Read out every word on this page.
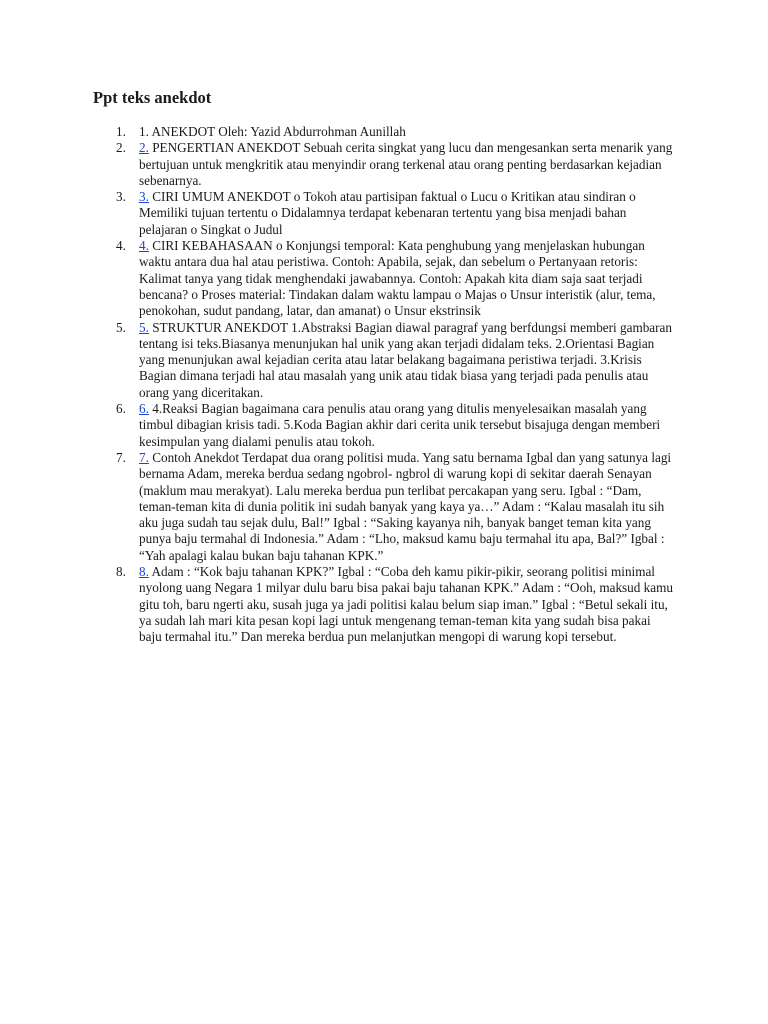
Ppt teks anekdot
1. 1. ANEKDOT Oleh: Yazid Abdurrohman Aunillah
2. 2. PENGERTIAN ANEKDOT Sebuah cerita singkat yang lucu dan mengesankan serta menarik yang bertujuan untuk mengkritik atau menyindir orang terkenal atau orang penting berdasarkan kejadian sebenarnya.
3. 3. CIRI UMUM ANEKDOT o Tokoh atau partisipan faktual o Lucu o Kritikan atau sindiran o Memiliki tujuan tertentu o Didalamnya terdapat kebenaran tertentu yang bisa menjadi bahan pelajaran o Singkat o Judul
4. 4. CIRI KEBAHASAAN o Konjungsi temporal: Kata penghubung yang menjelaskan hubungan waktu antara dua hal atau peristiwa. Contoh: Apabila, sejak, dan sebelum o Pertanyaan retoris: Kalimat tanya yang tidak menghendaki jawabannya. Contoh: Apakah kita diam saja saat terjadi bencana? o Proses material: Tindakan dalam waktu lampau o Majas o Unsur interistik (alur, tema, penokohan, sudut pandang, latar, dan amanat) o Unsur ekstrinsik
5. 5. STRUKTUR ANEKDOT 1.Abstraksi Bagian diawal paragraf yang berfdungsi memberi gambaran tentang isi teks.Biasanya menunjukan hal unik yang akan terjadi didalam teks. 2.Orientasi Bagian yang menunjukan awal kejadian cerita atau latar belakang bagaimana peristiwa terjadi. 3.Krisis Bagian dimana terjadi hal atau masalah yang unik atau tidak biasa yang terjadi pada penulis atau orang yang diceritakan.
6. 6. 4.Reaksi Bagian bagaimana cara penulis atau orang yang ditulis menyelesaikan masalah yang timbul dibagian krisis tadi. 5.Koda Bagian akhir dari cerita unik tersebut bisajuga dengan memberi kesimpulan yang dialami penulis atau tokoh.
7. 7. Contoh Anekdot Terdapat dua orang politisi muda. Yang satu bernama Igbal dan yang satunya lagi bernama Adam, mereka berdua sedang ngobrol- ngbrol di warung kopi di sekitar daerah Senayan (maklum mau merakyat). Lalu mereka berdua pun terlibat percakapan yang seru. Igbal : “Dam, teman-teman kita di dunia politik ini sudah banyak yang kaya ya…” Adam : “Kalau masalah itu sih aku juga sudah tau sejak dulu, Bal!” Igbal : “Saking kayanya nih, banyak banget teman kita yang punya baju termahal di Indonesia.” Adam : “Lho, maksud kamu baju termahal itu apa, Bal?” Igbal : “Yah apalagi kalau bukan baju tahanan KPK.”
8. 8. Adam : “Kok baju tahanan KPK?” Igbal : “Coba deh kamu pikir-pikir, seorang politisi minimal nyolong uang Negara 1 milyar dulu baru bisa pakai baju tahanan KPK.” Adam : “Ooh, maksud kamu gitu toh, baru ngerti aku, susah juga ya jadi politisi kalau belum siap iman.” Igbal : “Betul sekali itu, ya sudah lah mari kita pesan kopi lagi untuk mengenang teman-teman kita yang sudah bisa pakai baju termahal itu.” Dan mereka berdua pun melanjutkan mengopi di warung kopi tersebut.
